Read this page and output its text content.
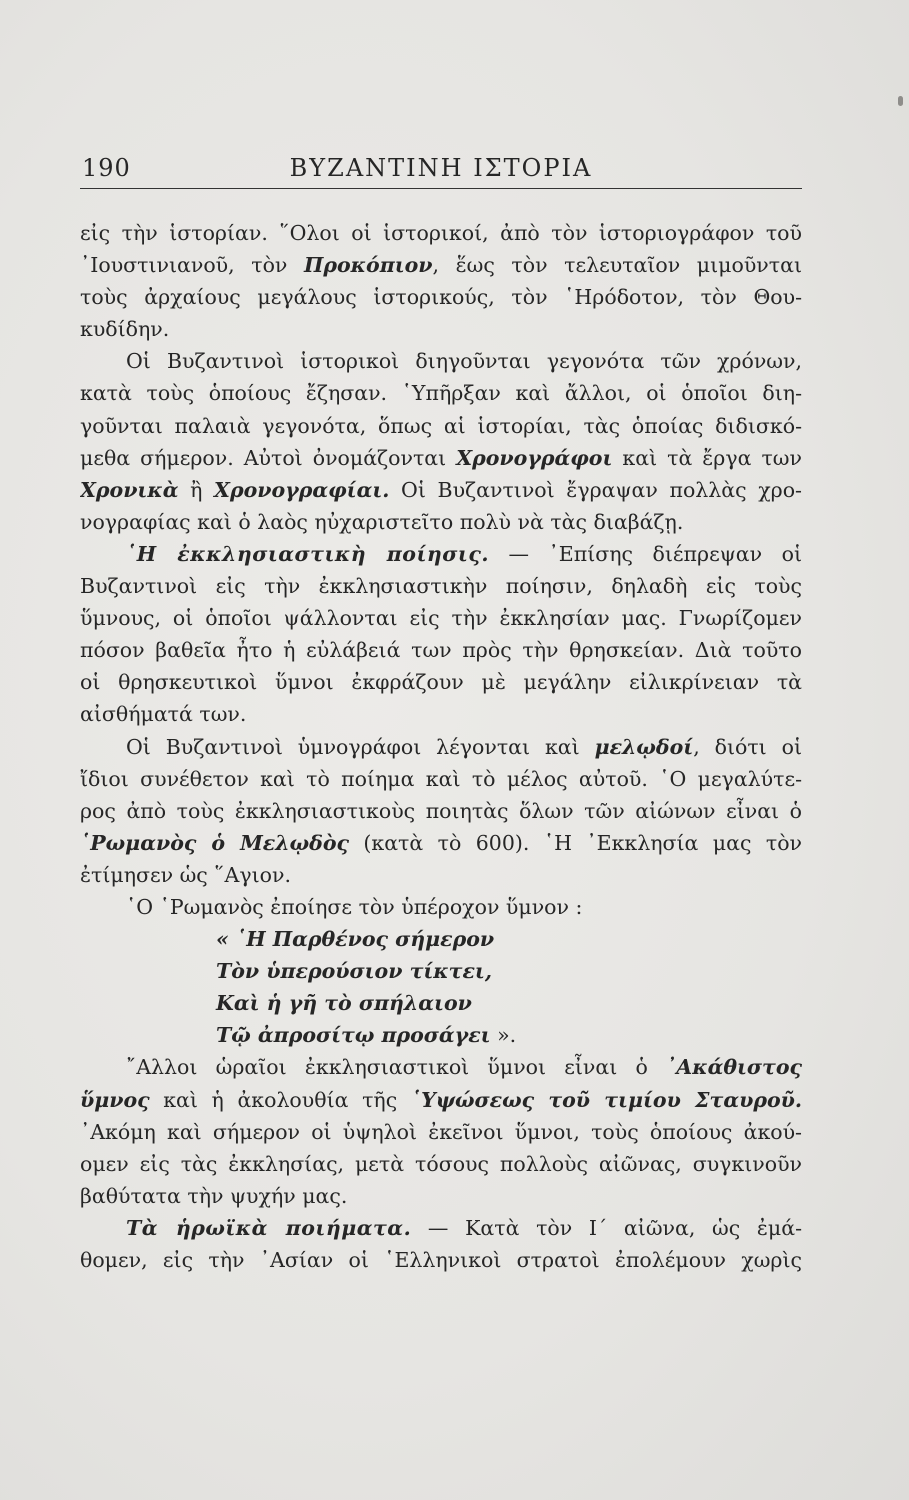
190	ΒΥΖΑΝΤΙΝΗ ΙΣΤΟΡΙΑ
εἰς τὴν ἱστορίαν. ῞Ολοι οἱ ἱστορικοί, ἀπὸ τὸν ἱστοριογράφον τοῦ
᾿Ιουστινιανοῦ, τὸν Προκόπιον, ἕως τὸν τελευταῖον μιμοῦνται
τοὺς ἀρχαίους μεγάλους ἱστορικούς, τὸν ῾Ηρόδοτον, τὸν Θου-
κυδίδην.
Οἱ Βυζαντινοὶ ἱστορικοὶ διηγοῦνται γεγονότα τῶν χρόνων,
κατὰ τοὺς ὁποίους ἔζησαν. ῾Υπῆρξαν καὶ ἄλλοι, οἱ ὁποῖοι διη-
γοῦνται παλαιὰ γεγονότα, ὅπως αἱ ἱστορίαι, τὰς ὁποίας διδισκό-
μεθα σήμερον. Αὐτοὶ ὀνομάζονται Χρονογράφοι καὶ τὰ ἔργα των
Χρονικὰ ἢ Χρονογραφίαι. Οἱ Βυζαντινοὶ ἔγραψαν πολλὰς χρο-
νογραφίας καὶ ὁ λαὸς ηὐχαριστεῖτο πολὺ νὰ τὰς διαβάζῃ.
῾Η ἐκκλησιαστικὴ ποίησις. — ᾿Επίσης διέπρεψαν οἱ
Βυζαντινοὶ εἰς τὴν ἐκκλησιαστικὴν ποίησιν, δηλαδὴ εἰς τοὺς
ὕμνους, οἱ ὁποῖοι ψάλλονται εἰς τὴν ἐκκλησίαν μας. Γνωρίζομεν
πόσον βαθεῖα ἦτο ἡ εὐλάβειά των πρὸς τὴν θρησκείαν. Διὰ τοῦτο
οἱ θρησκευτικοὶ ὕμνοι ἐκφράζουν μὲ μεγάλην εἰλικρίνειαν τὰ
αἰσθήματά των.
Οἱ Βυζαντινοὶ ὑμνογράφοι λέγονται καὶ μελῳδοί, διότι οἱ
ἴδιοι συνέθετον καὶ τὸ ποίημα καὶ τὸ μέλος αὐτοῦ. ῾Ο μεγαλύτε-
ρος ἀπὸ τοὺς ἐκκλησιαστικοὺς ποιητὰς ὅλων τῶν αἰώνων εἶναι ὁ
῾Ρωμανὸς ὁ Μελῳδὸς (κατὰ τὸ 600). ῾Η ᾿Εκκλησία μας τὸν
ἐτίμησεν ὡς ῞Αγιον.
῾Ο ῾Ρωμανὸς ἐποίησε τὸν ὑπέροχον ὕμνον :
« ῾Η Παρθένος σήμερον
Τὸν ὑπερούσιον τίκτει,
Καὶ ἡ γῆ τὸ σπήλαιον
Τῷ ἀπροσίτῳ προσάγει ».
῎Αλλοι ὡραῖοι ἐκκλησιαστικοὶ ὕμνοι εἶναι ὁ ᾿Ακάθιστος
ὕμνος καὶ ἡ ἀκολουθία τῆς ῾Υψώσεως τοῦ τιμίου Σταυροῦ.
᾿Ακόμη καὶ σήμερον οἱ ὑψηλοὶ ἐκεῖνοι ὕμνοι, τοὺς ὁποίους ἀκού-
ομεν εἰς τὰς ἐκκλησίας, μετὰ τόσους πολλοὺς αἰῶνας, συγκινοῦν
βαθύτατα τὴν ψυχήν μας.
Τὰ ἡρωϊκὰ ποιήματα. — Κατὰ τὸν Ι΄ αἰῶνα, ὡς ἐμά-
θομεν, εἰς τὴν ᾿Ασίαν οἱ ῾Ελληνικοὶ στρατοὶ ἐπολέμουν χωρὶς
